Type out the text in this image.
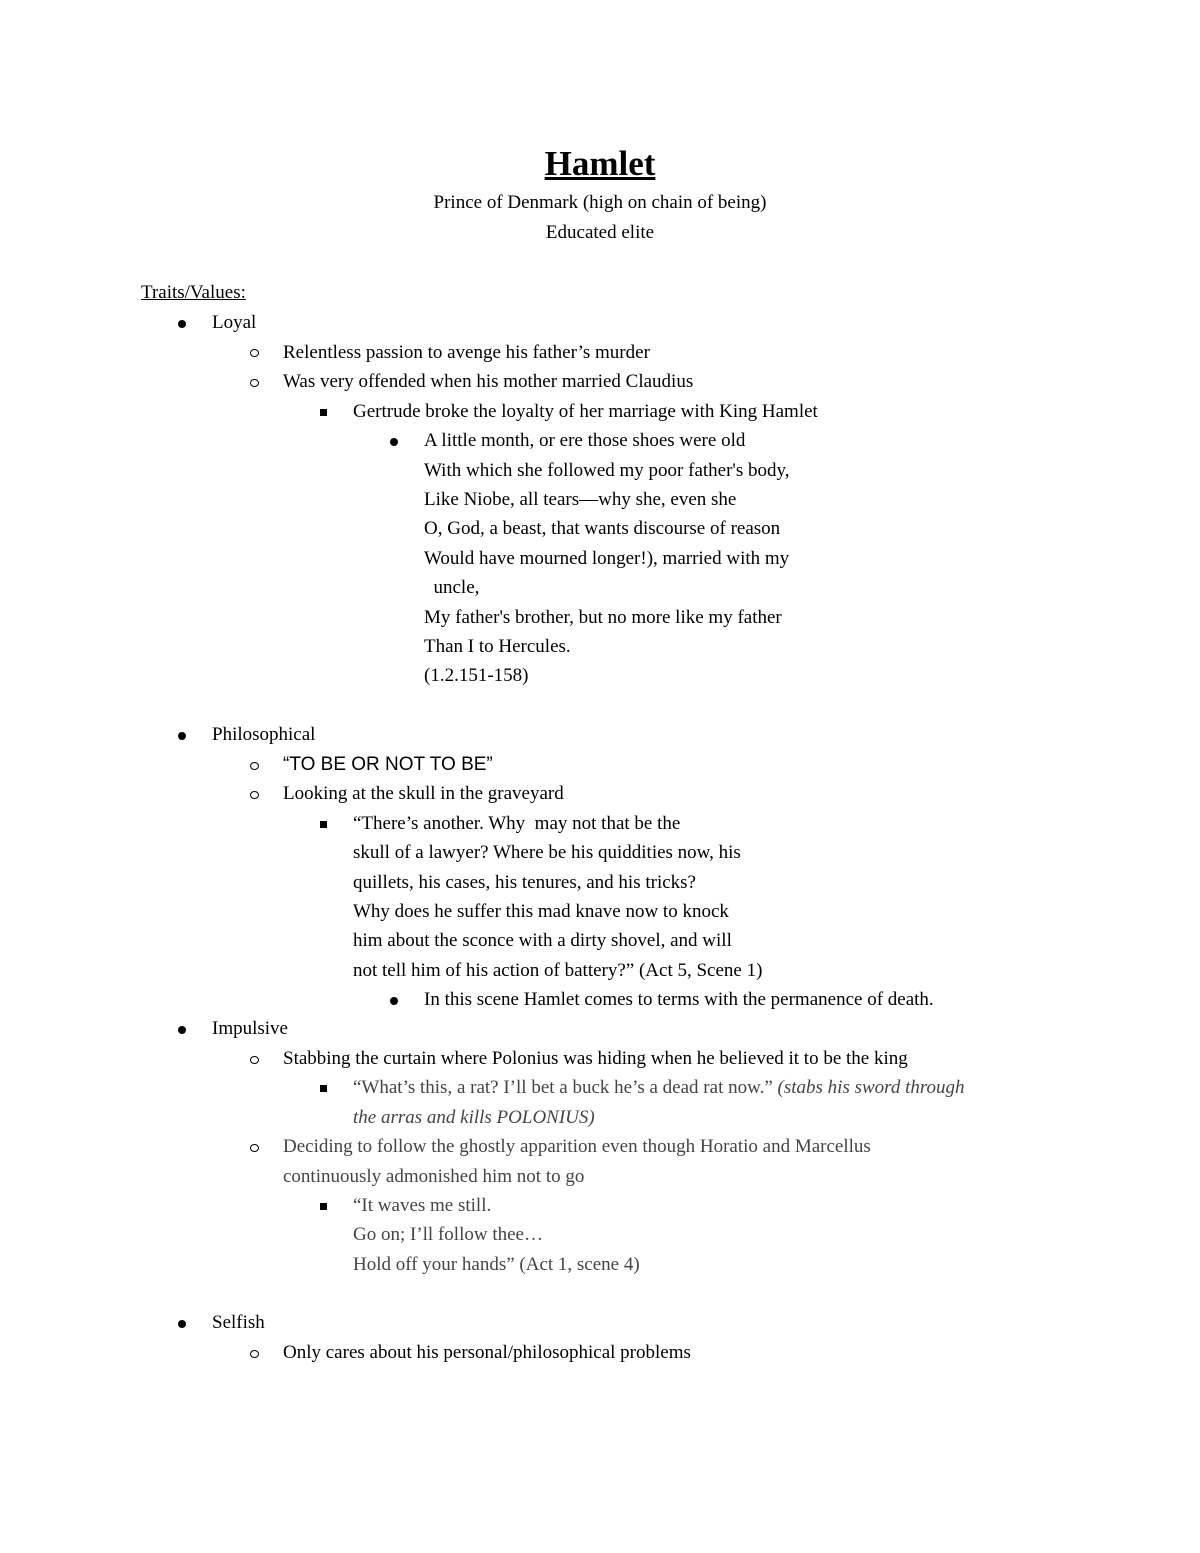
Hamlet
Prince of Denmark (high on chain of being)
Educated elite
Traits/Values:
Loyal
Relentless passion to avenge his father’s murder
Was very offended when his mother married Claudius
Gertrude broke the loyalty of her marriage with King Hamlet
A little month, or ere those shoes were old
With which she followed my poor father's body,
Like Niobe, all tears—why she, even she
O, God, a beast, that wants discourse of reason
Would have mourned longer!), married with my
uncle,
My father's brother, but no more like my father
Than I to Hercules.
(1.2.151-158)
Philosophical
“TO BE OR NOT TO BE”
Looking at the skull in the graveyard
“There’s another. Why  may not that be the
skull of a lawyer? Where be his quiddities now, his
quillets, his cases, his tenures, and his tricks?
Why does he suffer this mad knave now to knock
him about the sconce with a dirty shovel, and will
not tell him of his action of battery?” (Act 5, Scene 1)
In this scene Hamlet comes to terms with the permanence of death.
Impulsive
Stabbing the curtain where Polonius was hiding when he believed it to be the king
“What’s this, a rat? I’ll bet a buck he’s a dead rat now.” (stabs his sword through
the arras and kills POLONIUS)
Deciding to follow the ghostly apparition even though Horatio and Marcellus
continuously admonished him not to go
“It waves me still.
Go on; I’ll follow thee…
Hold off your hands” (Act 1, scene 4)
Selfish
Only cares about his personal/philosophical problems
